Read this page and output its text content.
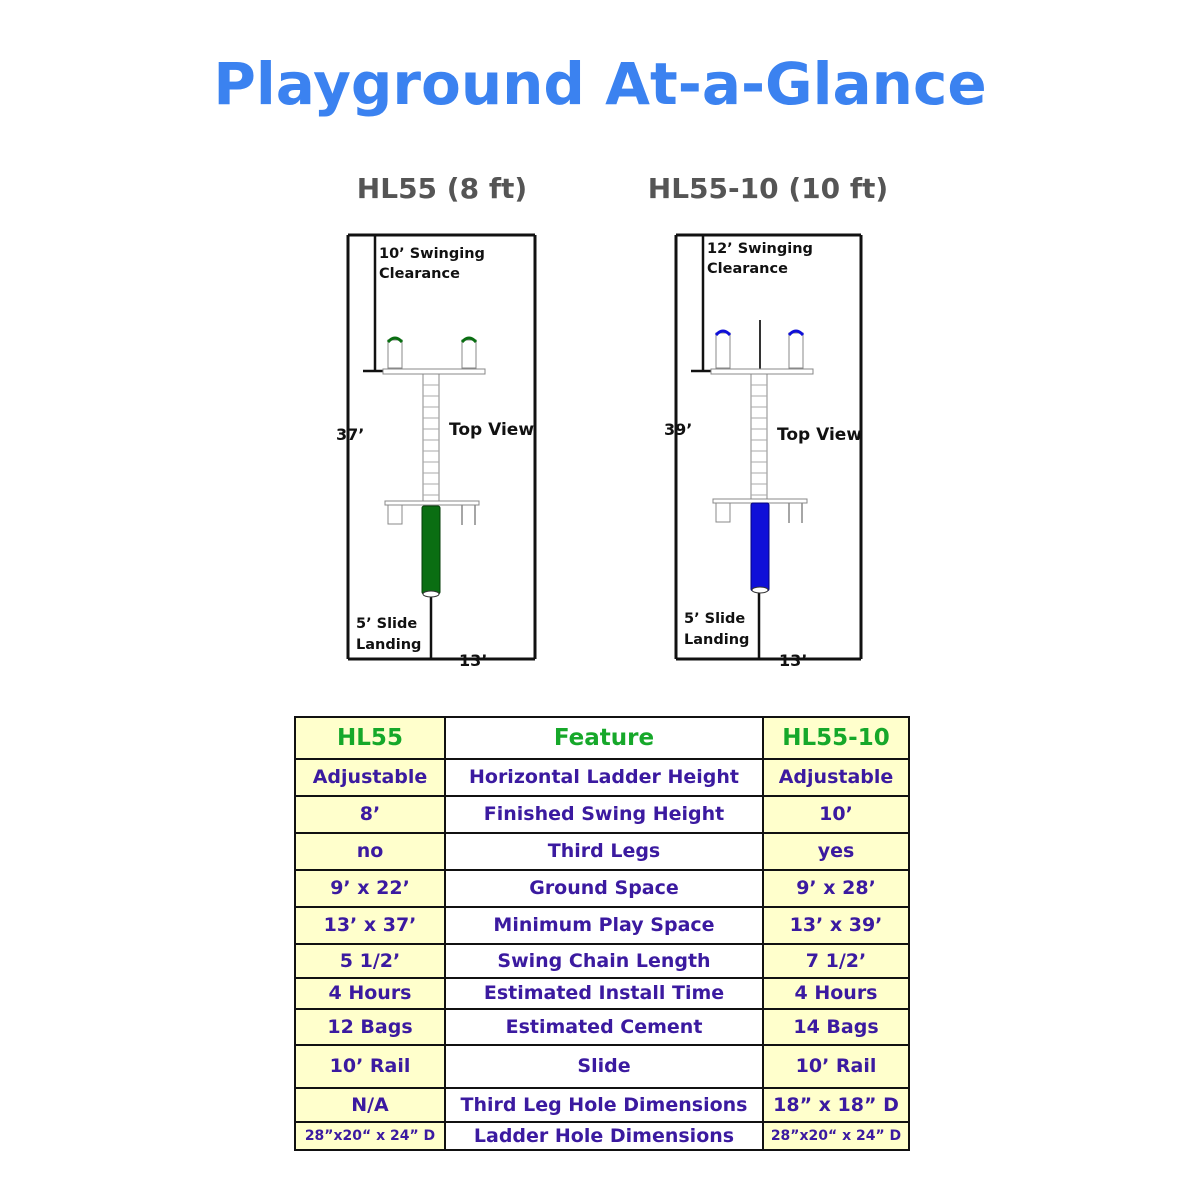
Playground At-a-Glance
HL55 (8 ft)	HL55-10 (10 ft)
10’ Swinging
Clearance
37’	Top View
5’ Slide
Landing
13’
12’ Swinging
Clearance
39’	Top View
5’ Slide
Landing
13’
HL55	Feature	HL55-10
Adjustable	Horizontal Ladder Height	Adjustable
8’	Finished Swing Height	10’
no	Third Legs	yes
9’ x 22’	Ground Space	9’ x 28’
13’ x 37’	Minimum Play Space	13’ x 39’
5 1/2’	Swing Chain Length	7 1/2’
4 Hours	Estimated Install Time	4 Hours
12 Bags	Estimated Cement	14 Bags
10’ Rail	Slide	10’ Rail
N/A	Third Leg Hole Dimensions	18” x 18” D
28”x20“ x 24” D	Ladder Hole Dimensions	28”x20“ x 24” D
